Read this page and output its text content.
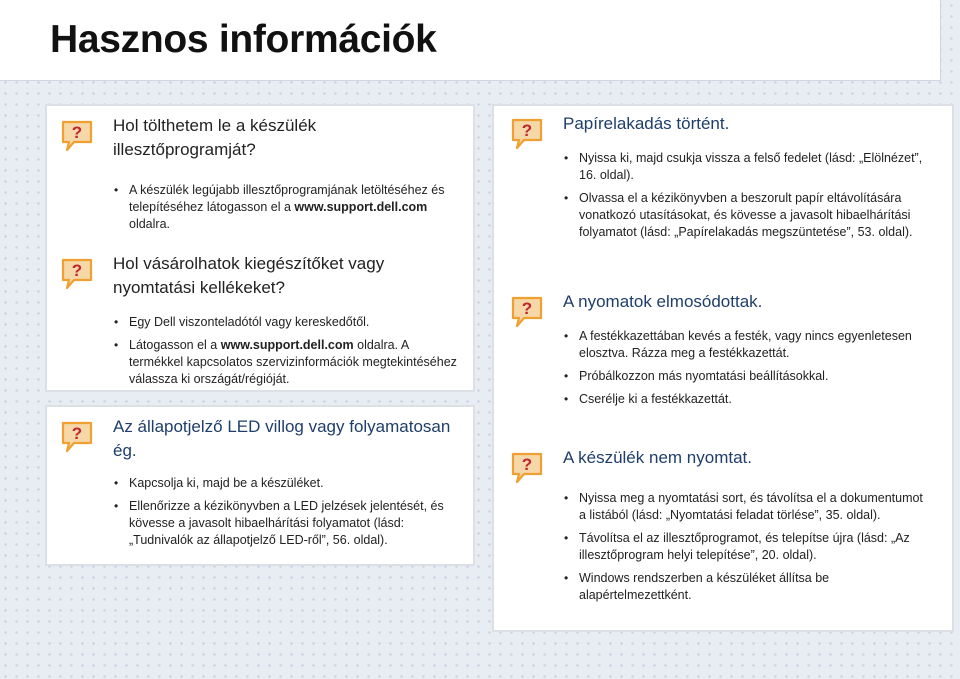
Hasznos információk
? Hol tölthetem le a készülék illesztőprogramját?
• A készülék legújabb illesztőprogramjának letöltéséhez és telepítéséhez látogasson el a www.support.dell.com oldalra.
? Hol vásárolhatok kiegészítőket vagy nyomtatási kellékeket?
• Egy Dell viszonteladótól vagy kereskedőtől.
• Látogasson el a www.support.dell.com oldalra. A termékkel kapcsolatos szervizinformációk megtekintéséhez válassza ki országát/régióját.
? Az állapotjelző LED villog vagy folyamatosan ég.
• Kapcsolja ki, majd be a készüléket.
• Ellenőrizze a kézikönyvben a LED jelzések jelentését, és kövesse a javasolt hibaelhárítási folyamatot (lásd: „Tudnivalók az állapotjelző LED-ről”, 56. oldal).
? Papírelakadás történt.
• Nyissa ki, majd csukja vissza a felső fedelet (lásd: „Elölnézet”, 16. oldal).
• Olvassa el a kézikönyvben a beszorult papír eltávolítására vonatkozó utasításokat, és kövesse a javasolt hibaelhárítási folyamatot (lásd: „Papírelakadás megszüntetése”, 53. oldal).
? A nyomatok elmosódottak.
• A festékkazettában kevés a festék, vagy nincs egyenletesen elosztva. Rázza meg a festékkazettát.
• Próbálkozzon más nyomtatási beállításokkal.
• Cserélje ki a festékkazettát.
? A készülék nem nyomtat.
• Nyissa meg a nyomtatási sort, és távolítsa el a dokumentumot a listából (lásd: „Nyomtatási feladat törlése”, 35. oldal).
• Távolítsa el az illesztőprogramot, és telepítse újra (lásd: „Az illesztőprogram helyi telepítése”, 20. oldal).
• Windows rendszerben a készüléket állítsa be alapértelmezettként.
